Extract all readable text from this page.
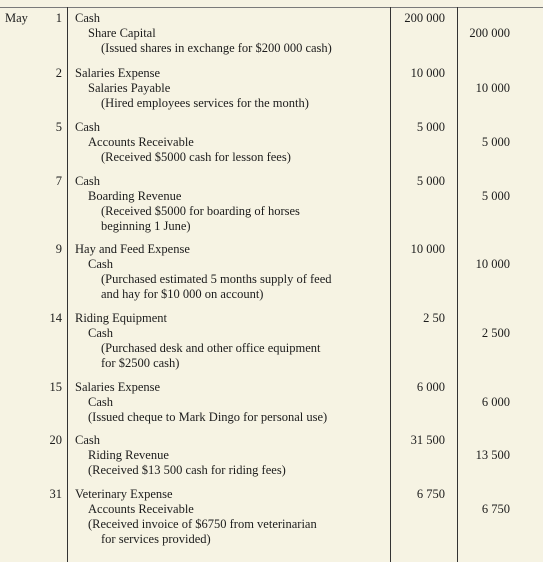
May 1 Cash
Share Capital
(Issued shares in exchange for $200 000 cash)
200 000
200 000
2 Salaries Expense
Salaries Payable
(Hired employees services for the month)
10 000
10 000
5 Cash
Accounts Receivable
(Received $5000 cash for lesson fees)
5 000
5 000
7 Cash
Boarding Revenue
(Received $5000 for boarding of horses
beginning 1 June)
5 000
5 000
9 Hay and Feed Expense
Cash
(Purchased estimated 5 months supply of feed
and hay for $10 000 on account)
10 000
10 000
14 Riding Equipment
Cash
(Purchased desk and other office equipment
for $2500 cash)
2 50
2 500
15 Salaries Expense
Cash
(Issued cheque to Mark Dingo for personal use)
6 000
6 000
20 Cash
Riding Revenue
(Received $13 500 cash for riding fees)
31 500
13 500
31 Veterinary Expense
Accounts Receivable
(Received invoice of $6750 from veterinarian
for services provided)
6 750
6 750
